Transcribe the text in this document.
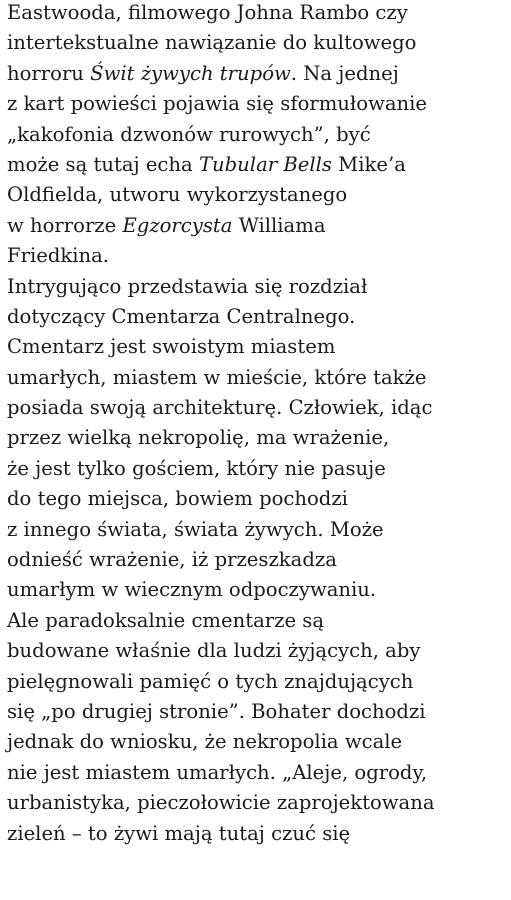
Eastwooda, filmowego Johna Rambo czy
intertekstualne nawiązanie do kultowego
horroru Świt żywych trupów. Na jednej
z kart powieści pojawia się sformułowanie
„kakofonia dzwonów rurowych”, być
może są tutaj echa Tubular Bells Mike’a
Oldfielda, utworu wykorzystanego
w horrorze Egzorcysta Williama
Friedkina.
Intrygująco przedstawia się rozdział
dotyczący Cmentarza Centralnego.
Cmentarz jest swoistym miastem
umarłych, miastem w mieście, które także
posiada swoją architekturę. Człowiek, idąc
przez wielką nekropolię, ma wrażenie,
że jest tylko gościem, który nie pasuje
do tego miejsca, bowiem pochodzi
z innego świata, świata żywych. Może
odnieść wrażenie, iż przeszkadza
umarłym w wiecznym odpoczywaniu.
Ale paradoksalnie cmentarze są
budowane właśnie dla ludzi żyjących, aby
pielęgnowali pamięć o tych znajdujących
się „po drugiej stronie”. Bohater dochodzi
jednak do wniosku, że nekropolia wcale
nie jest miastem umarłych. „Aleje, ogrody,
urbanistyka, pieczołowicie zaprojektowana
zieleń – to żywi mają tutaj czuć się
